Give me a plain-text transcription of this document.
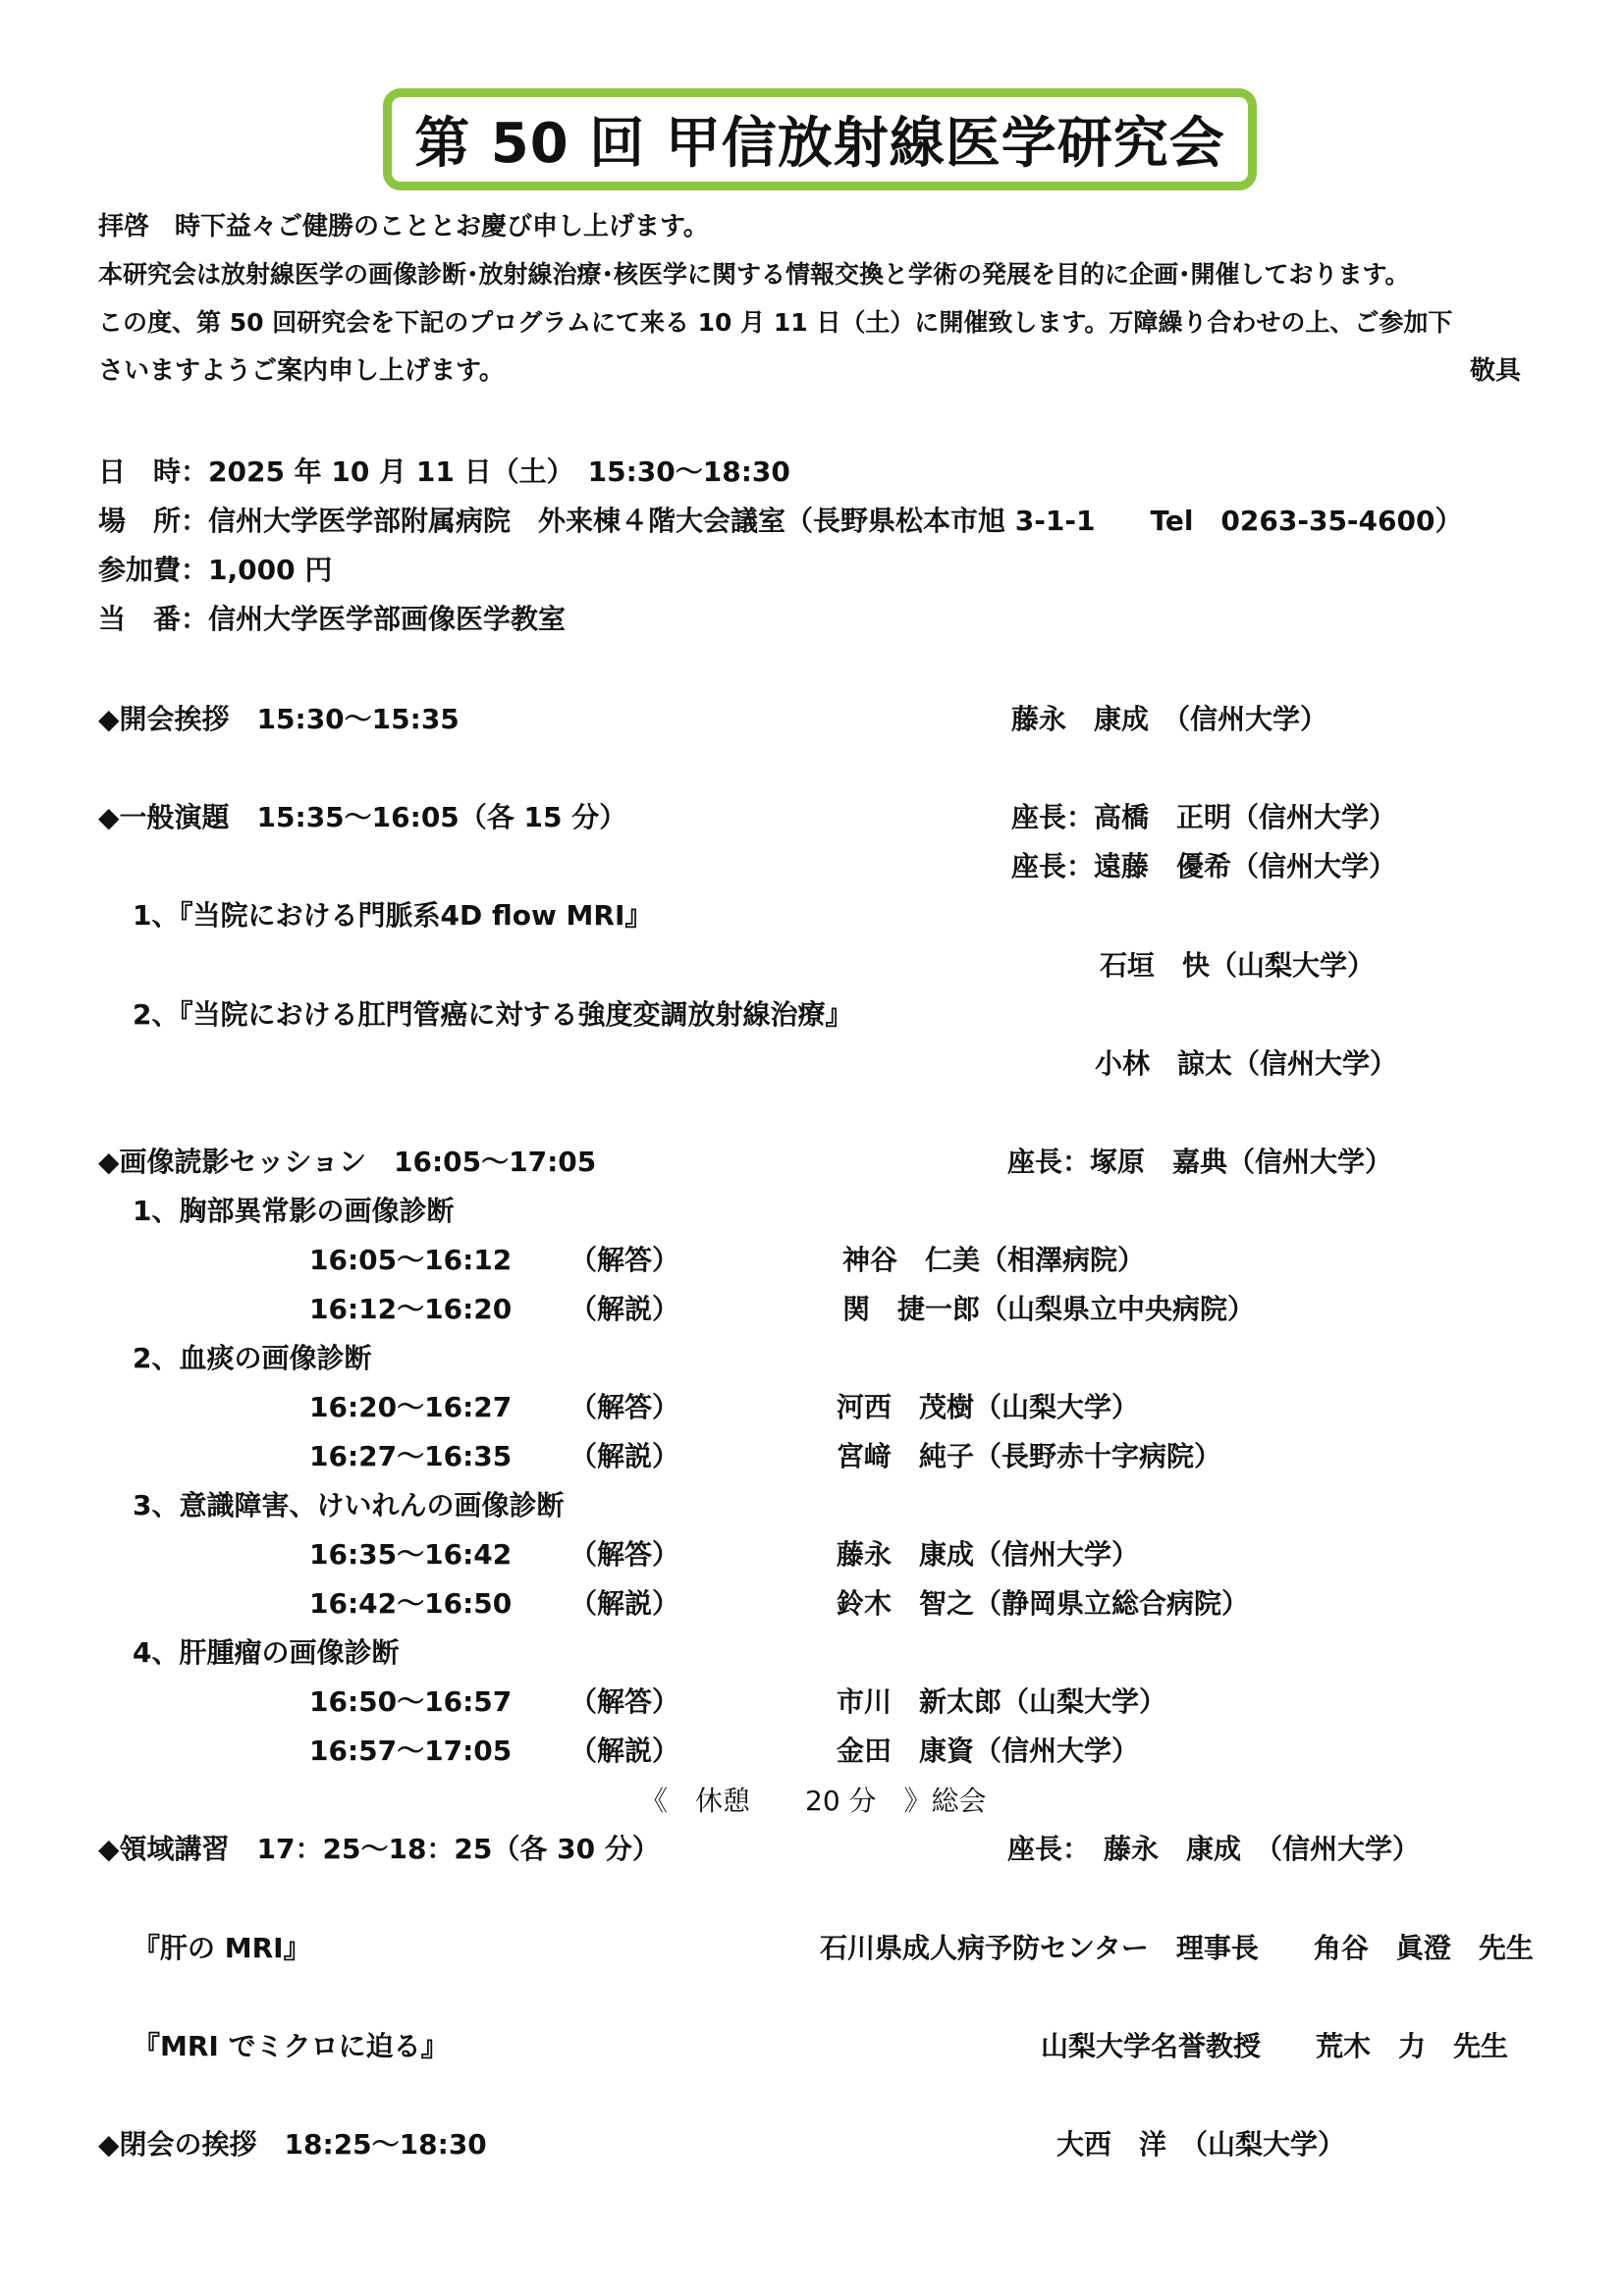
第 50 回 甲信放射線医学研究会
拝啓　時下益々ご健勝のこととお慶び申し上げます。
本研究会は放射線医学の画像診断･放射線治療･核医学に関する情報交換と学術の発展を目的に企画･開催しております。
この度、第 50 回研究会を下記のプログラムにて来る 10 月 11 日（土）に開催致します。万障繰り合わせの上、ご参加下
さいますようご案内申し上げます。	敬具
日　時：2025 年 10 月 11 日（土）　15:30～18:30
場　所：信州大学医学部附属病院　外来棟４階大会議室（長野県松本市旭 3-1-1　　Tel　0263-35-4600）
参加費：1,000 円
当　番：信州大学医学部画像医学教室
◆開会挨拶　15:30～15:35	藤永　康成　（信州大学）
◆一般演題　15:35～16:05（各 15 分）	座長：高橋　正明（信州大学）
座長：遠藤　優希（信州大学）
1、『当院における門脈系4D flow MRI』
石垣　快（山梨大学）
2、『当院における肛門管癌に対する強度変調放射線治療』
小林　諒太（信州大学）
◆画像読影セッション　16:05～17:05	座長：塚原　嘉典（信州大学）
1、胸部異常影の画像診断
16:05～16:12 （解答）	神谷　仁美（相澤病院）
16:12～16:20 （解説）	関　捷一郎（山梨県立中央病院）
2、血痰の画像診断
16:20～16:27 （解答）	河西　茂樹（山梨大学）
16:27～16:35 （解説）	宮﨑　純子（長野赤十字病院）
3、意識障害、けいれんの画像診断
16:35～16:42 （解答）	藤永　康成（信州大学）
16:42～16:50 （解説）	鈴木　智之（静岡県立総合病院）
4、肝腫瘤の画像診断
16:50～16:57 （解答）	市川　新太郎（山梨大学）
16:57～17:05 （解説）	金田　康資（信州大学）
《　休憩　　20 分　》総会
◆領域講習　17：25～18：25（各 30 分）	座長：　藤永　康成　（信州大学）
『肝の MRI』	石川県成人病予防センター　理事長　　角谷　眞澄　先生
『MRI でミクロに迫る』	山梨大学名誉教授　　荒木　力　先生
◆閉会の挨拶　18:25～18:30	大西　洋　（山梨大学）
